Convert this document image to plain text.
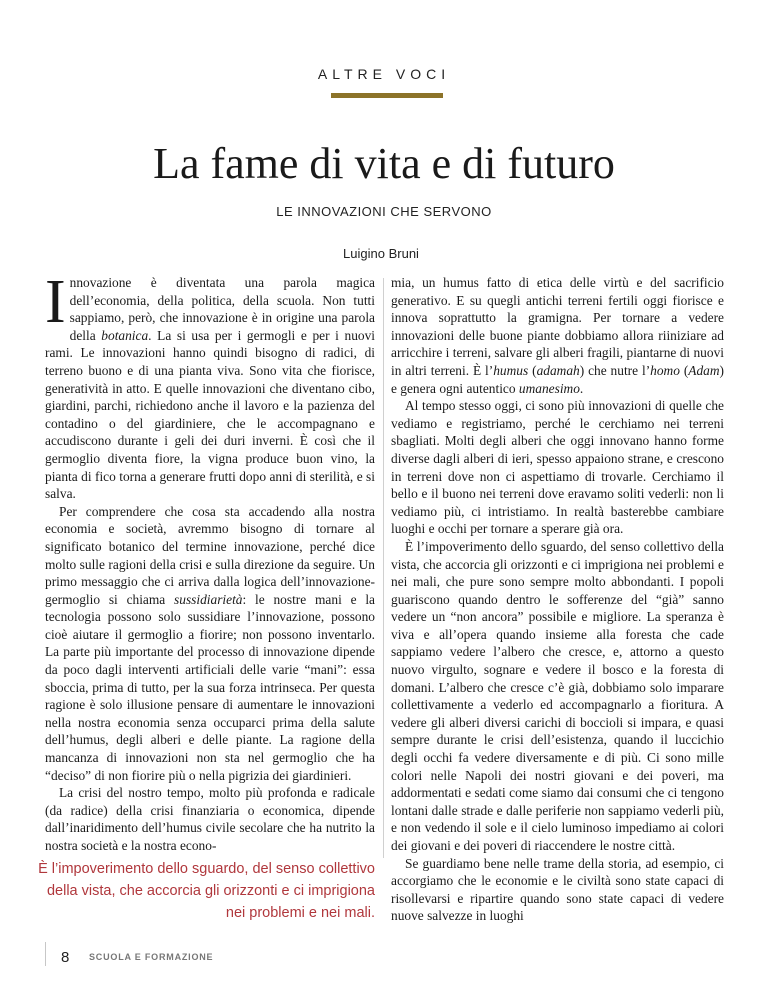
ALTRE VOCI
La fame di vita e di futuro
LE INNOVAZIONI CHE SERVONO
Luigino Bruni

Innovazione è diventata una parola magica dell’economia, della politica, della scuola. Non tutti sappiamo, però, che innovazione è in origine una parola della botanica. La si usa per i germogli e per i nuovi rami. Le innovazioni hanno quindi bisogno di radici, di terreno buono e di una pianta viva. Sono vita che fiorisce, generatività in atto. E quelle innovazioni che diventano cibo, giardini, parchi, richiedono anche il lavoro e la pazienza del contadino o del giardiniere, che le accompagnano e accudiscono durante i geli dei duri inverni. È così che il germoglio diventa fiore, la vigna produce buon vino, la pianta di fico torna a generare frutti dopo anni di sterilità, e si salva.

Per comprendere che cosa sta accadendo alla nostra economia e società, avremmo bisogno di tornare al significato botanico del termine innovazione, perché dice molto sulle ragioni della crisi e sulla direzione da seguire. Un primo messaggio che ci arriva dalla logica dell’innovazione-germoglio si chiama sussidiarietà: le nostre mani e la tecnologia possono solo sussidiare l’innovazione, possono cioè aiutare il germoglio a fiorire; non possono inventarlo. La parte più importante del processo di innovazione dipende da poco dagli interventi artificiali delle varie “mani”: essa sboccia, prima di tutto, per la sua forza intrinseca. Per questa ragione è solo illusione pensare di aumentare le innovazioni nella nostra economia senza occuparci prima della salute dell’humus, degli alberi e delle piante. La ragione della mancanza di innovazioni non sta nel germoglio che ha “deciso” di non fiorire più o nella pigrizia dei giardinieri.

La crisi del nostro tempo, molto più profonda e radicale (da radice) della crisi finanziaria o economica, dipende dall’inaridimento dell’humus civile secolare che ha nutrito la nostra società e la nostra econo-

mia, un humus fatto di etica delle virtù e del sacrificio generativo. E su quegli antichi terreni fertili oggi fiorisce e innova soprattutto la gramigna. Per tornare a vedere innovazioni delle buone piante dobbiamo allora riiniziare ad arricchire i terreni, salvare gli alberi fragili, piantarne di nuovi in altri terreni. È l’humus (adamah) che nutre l’homo (Adam) e genera ogni autentico umanesimo.

Al tempo stesso oggi, ci sono più innovazioni di quelle che vediamo e registriamo, perché le cerchiamo nei terreni sbagliati. Molti degli alberi che oggi innovano hanno forme diverse dagli alberi di ieri, spesso appaiono strane, e crescono in terreni dove non ci aspettiamo di trovarle. Cerchiamo il bello e il buono nei terreni dove eravamo soliti vederli: non li vediamo più, ci intristiamo. In realtà basterebbe cambiare luoghi e occhi per tornare a sperare già ora.

È l’impoverimento dello sguardo, del senso collettivo della vista, che accorcia gli orizzonti e ci imprigiona nei problemi e nei mali, che pure sono sempre molto abbondanti. I popoli guariscono quando dentro le sofferenze del “già” sanno vedere un “non ancora” possibile e migliore. La speranza è viva e all’opera quando insieme alla foresta che cade sappiamo vedere l’albero che cresce, e, attorno a questo nuovo virgulto, sognare e vedere il bosco e la foresta di domani. L’albero che cresce c’è già, dobbiamo solo imparare collettivamente a vederlo ed accompagnarlo a fioritura. A vedere gli alberi diversi carichi di boccioli si impara, e quasi sempre durante le crisi dell’esistenza, quando il luccichio degli occhi fa vedere diversamente e di più. Ci sono mille colori nelle Napoli dei nostri giovani e dei poveri, ma addormentati e sedati come siamo dai consumi che ci tengono lontani dalle strade e dalle periferie non sappiamo vederli più, e non vedendo il sole e il cielo luminoso impediamo ai colori dei giovani e dei poveri di riaccendere le nostre città.

Se guardiamo bene nelle trame della storia, ad esempio, ci accorgiamo che le economie e le civiltà sono state capaci di risollevarsi e ripartire quando sono state capaci di vedere nuove salvezze in luoghi

È l’impoverimento dello sguardo, del senso collettivo della vista, che accorcia gli orizzonti e ci imprigiona nei problemi e nei mali.
8 SCUOLA E FORMAZIONE
